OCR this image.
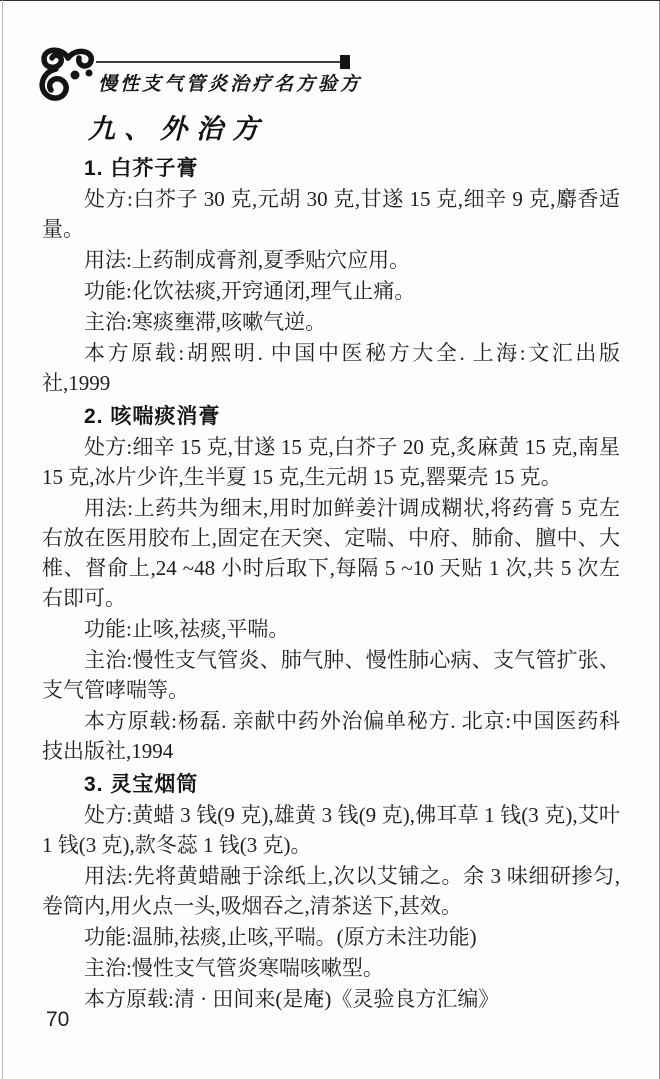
慢性支气管炎治疗名方验方
九、外治方
1. 白芥子膏

处方:白芥子 30 克,元胡 30 克,甘遂 15 克,细辛 9 克,麝香适量。

用法:上药制成膏剂,夏季贴穴应用。

功能:化饮祛痰,开窍通闭,理气止痛。

主治:寒痰壅滞,咳嗽气逆。

本方原载:胡熙明. 中国中医秘方大全. 上海:文汇出版社,1999

2. 咳喘痰消膏

处方:细辛 15 克,甘遂 15 克,白芥子 20 克,炙麻黄 15 克,南星 15 克,冰片少许,生半夏 15 克,生元胡 15 克,罂粟壳 15 克。

用法:上药共为细末,用时加鲜姜汁调成糊状,将药膏 5 克左右放在医用胶布上,固定在天突、定喘、中府、肺俞、膻中、大椎、督俞上,24 ~48 小时后取下,每隔 5 ~10 天贴 1 次,共 5 次左右即可。

功能:止咳,祛痰,平喘。

主治:慢性支气管炎、肺气肿、慢性肺心病、支气管扩张、支气管哮喘等。

本方原载:杨磊. 亲献中药外治偏单秘方. 北京:中国医药科技出版社,1994

3. 灵宝烟筒

处方:黄蜡 3 钱(9 克),雄黄 3 钱(9 克),佛耳草 1 钱(3 克),艾叶 1 钱(3 克),款冬蕊 1 钱(3 克)。

用法:先将黄蜡融于涂纸上,次以艾铺之。余 3 味细研掺匀,卷筒内,用火点一头,吸烟吞之,清茶送下,甚效。

功能:温肺,祛痰,止咳,平喘。(原方未注功能)

主治:慢性支气管炎寒喘咳嗽型。

本方原载:清 · 田间来(是庵)《灵验良方汇编》

70
